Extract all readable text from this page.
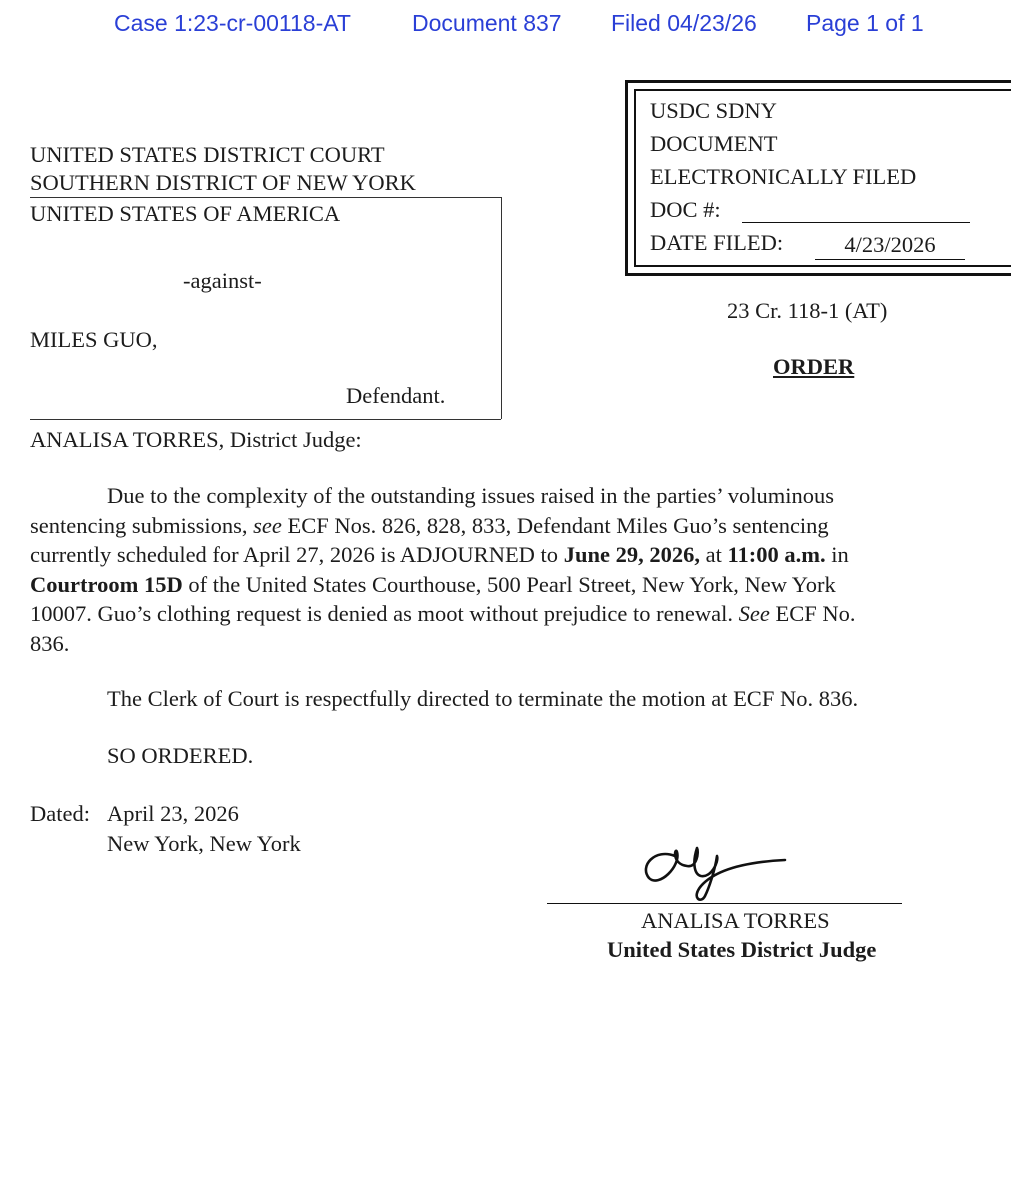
Case 1:23-cr-00118-AT	Document 837 Filed 04/23/26 Page 1 of 1
USDC SDNY
DOCUMENT
ELECTRONICALLY FILED
DOC #:
DATE FILED:	4/23/2026
UNITED STATES DISTRICT COURT
SOUTHERN DISTRICT OF NEW YORK
UNITED STATES OF AMERICA
-against-
MILES GUO,
Defendant.
23 Cr. 118-1 (AT)
ORDER
ANALISA TORRES, District Judge:
Due to the complexity of the outstanding issues raised in the parties’ voluminous
sentencing submissions, see ECF Nos. 826, 828, 833, Defendant Miles Guo’s sentencing
currently scheduled for April 27, 2026 is ADJOURNED to June 29, 2026, at 11:00 a.m. in
Courtroom 15D of the United States Courthouse, 500 Pearl Street, New York, New York
10007. Guo’s clothing request is denied as moot without prejudice to renewal. See ECF No.
836.
The Clerk of Court is respectfully directed to terminate the motion at ECF No. 836.
SO ORDERED.
Dated: April 23, 2026
New York, New York
ANALISA TORRES
United States District Judge
